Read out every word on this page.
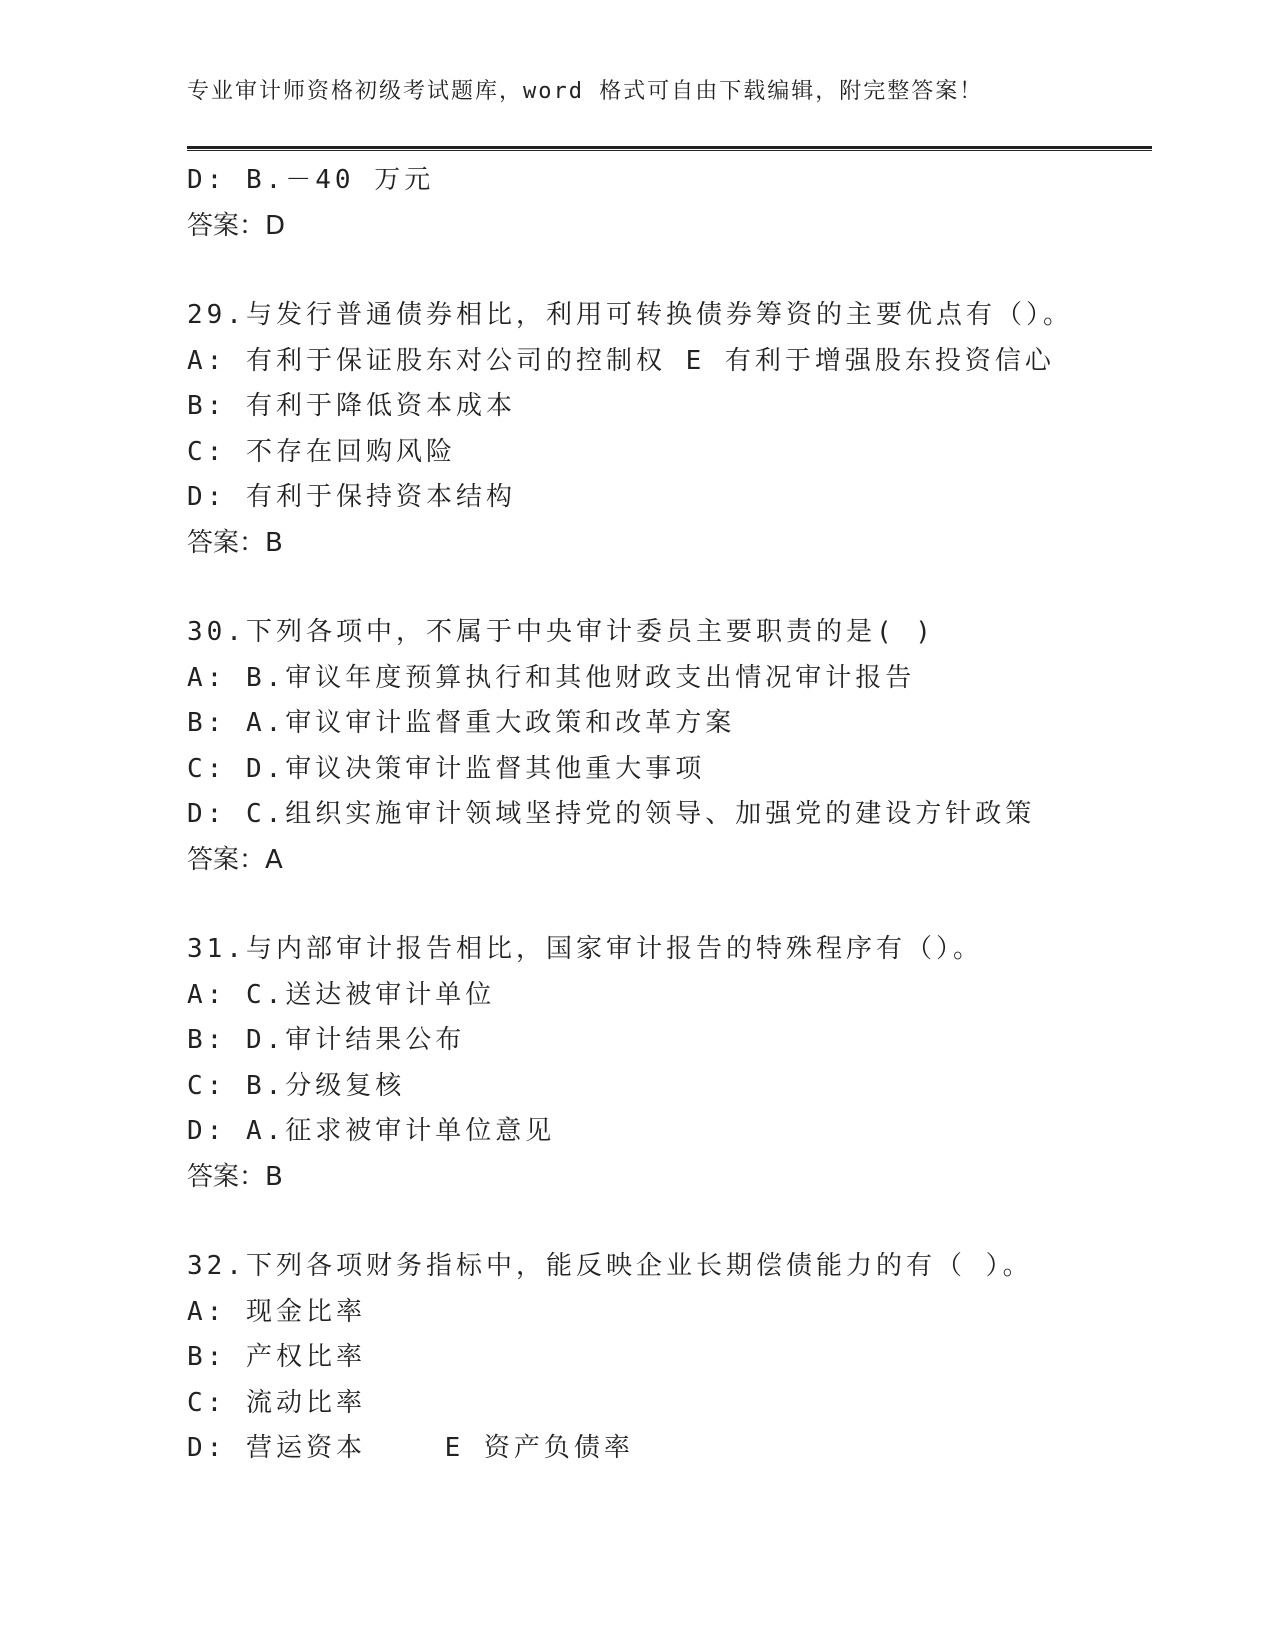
专业审计师资格初级考试题库，word 格式可自由下载编辑，附完整答案！
D: B.－40 万元
答案：D
29.与发行普通债券相比，利用可转换债券筹资的主要优点有（）。
A: 有利于保证股东对公司的控制权 E 有利于增强股东投资信心
B: 有利于降低资本成本
C: 不存在回购风险
D: 有利于保持资本结构
答案：B
30.下列各项中，不属于中央审计委员主要职责的是( )
A: B.审议年度预算执行和其他财政支出情况审计报告
B: A.审议审计监督重大政策和改革方案
C: D.审议决策审计监督其他重大事项
D: C.组织实施审计领域坚持党的领导、加强党的建设方针政策
答案：A
31.与内部审计报告相比，国家审计报告的特殊程序有（）。
A: C.送达被审计单位
B: D.审计结果公布
C: B.分级复核
D: A.征求被审计单位意见
答案：B
32.下列各项财务指标中，能反映企业长期偿债能力的有（ ）。
A: 现金比率
B: 产权比率
C: 流动比率
D: 营运资本    E 资产负债率
